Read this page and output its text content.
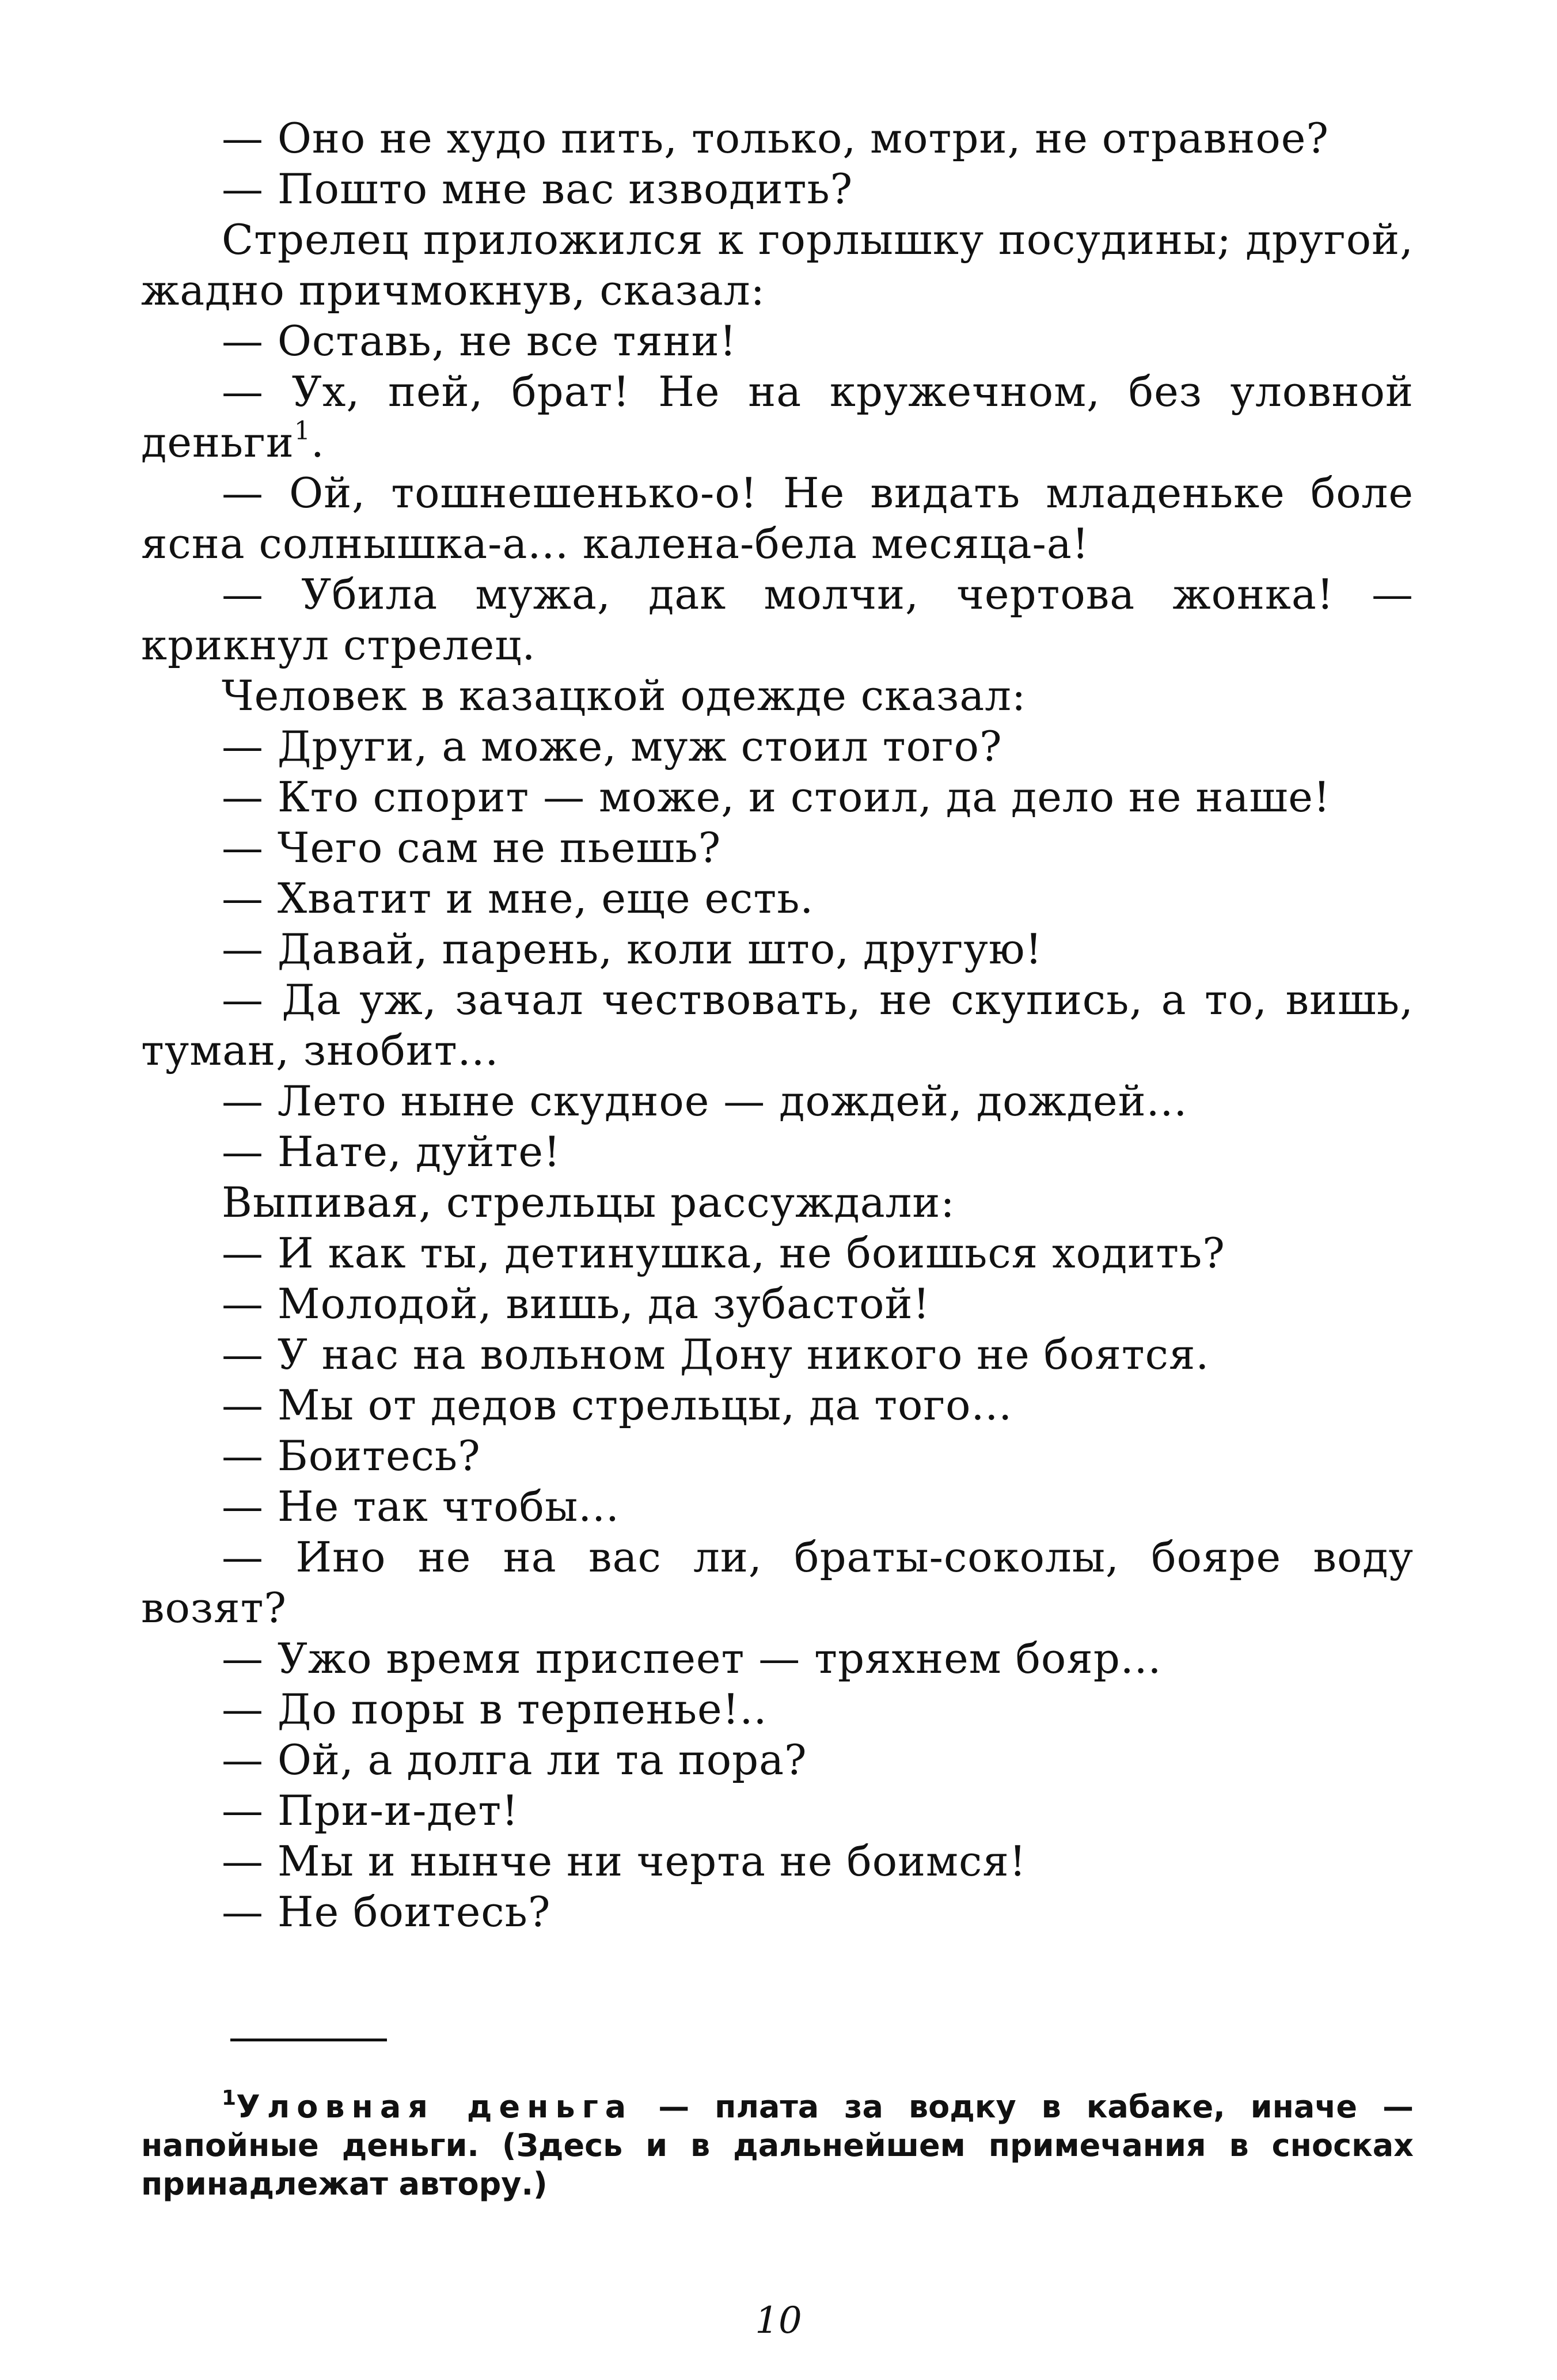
— Оно не худо пить, только, мотри, не отравное?

— Пошто мне вас изводить?

Стрелец приложился к горлышку посудины; другой, жадно причмокнув, сказал:

— Оставь, не все тяни!

— Ух, пей, брат! Не на кружечном, без уловной деньги$^1$.

— Ой, тошнешенько-о! Не видать младеньке боле ясна солнышка-а... калена-бела месяца-а!

— Убила мужа, дак молчи, чертова жонка! — крикнул стрелец.

Человек в казацкой одежде сказал:

— Други, а може, муж стоил того?

— Кто спорит — може, и стоил, да дело не наше!

— Чего сам не пьешь?

— Хватит и мне, еще есть.

— Давай, парень, коли што, другую!

— Да уж, зачал чествовать, не скупись, а то, вишь, туман, знобит...

— Лето ныне скудное — дождей, дождей...

— Нате, дуйте!

Выпивая, стрельцы рассуждали:

— И как ты, детинушка, не боишься ходить?

— Молодой, вишь, да зубастой!

— У нас на вольном Дону никого не боятся.

— Мы от дедов стрельцы, да того...

— Боитесь?

— Не так чтобы...

— Ино не на вас ли, браты-соколы, бояре воду возят?

— Ужо время приспеет — тряхнем бояр...

— До поры в терпенье!..

— Ой, а долга ли та пора?

— При-и-дет!

— Мы и нынче ни черта не боимся!

— Не боитесь?

$^1$Уловная деньга — плата за водку в кабаке, иначе — напойные деньги. (Здесь и в дальнейшем примечания в сносках принадлежат автору.)

10
